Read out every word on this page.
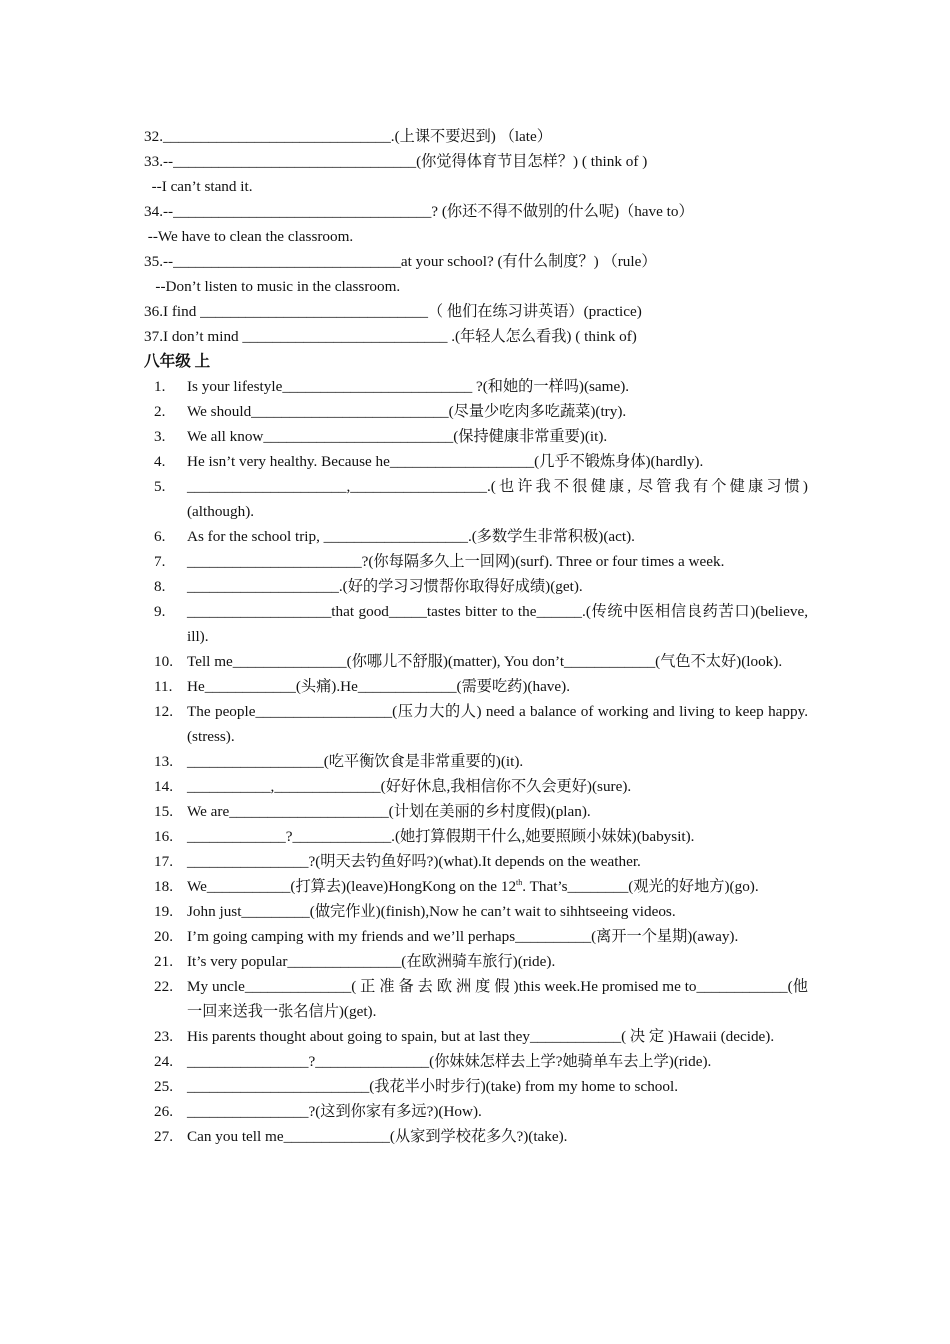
32.______________________________.(上课不要迟到) （late）
33.--________________________________(你觉得体育节目怎样？) ( think of )
--I can’t stand it.
34.--__________________________________? (你还不得不做别的什么呢)（have to）
--We have to clean the classroom.
35.--______________________________at your school? (有什么制度？) （rule）
--Don’t listen to music in the classroom.
36.I find ______________________________（ 他们在练习讲英语）(practice)
37.I don’t mind ___________________________ .(年轻人怎么看我) ( think of)
八年级 上
1.	Is your lifestyle_________________________ ?(和她的一样吗)(same).
2.	We should__________________________(尽量少吃肉多吃蔬菜)(try).
3.	We all know_________________________(保持健康非常重要)(it).
4.	He isn’t very healthy. Because he___________________(几乎不锻炼身体)(hardly).
5.	_____________________,__________________.(也许我不很健康, 尽管我有个健康习惯)(although).
6.	As for the school trip, ___________________.(多数学生非常积极)(act).
7.	_______________________?(你每隔多久上一回网)(surf). Three or four times a week.
8.	____________________.(好的学习习惯帮你取得好成绩)(get).
9.	___________________that good_____tastes bitter to the______.(传统中医相信良药苦口)(believe, ill).
10. Tell me_______________(你哪儿不舒服)(matter), You don’t____________(气色不太好)(look).
11. He____________(头痛).He_____________(需要吃药)(have).
12. The people__________________(压力大的人) need a balance of working and living to keep happy.(stress).
13. __________________(吃平衡饮食是非常重要的)(it).
14. ___________,______________(好好休息,我相信你不久会更好)(sure).
15. We are_____________________(计划在美丽的乡村度假)(plan).
16. _____________?_____________.(她打算假期干什么,她要照顾小妹妹)(babysit).
17. ________________?(明天去钓鱼好吗?)(what).It depends on the weather.
18. We___________(打算去)(leave)HongKong on the 12th. That’s________(观光的好地方)(go).
19. John just_________(做完作业)(finish),Now he can’t wait to sihhtseeing videos.
20. I’m going camping with my friends and we’ll perhaps__________(离开一个星期)(away).
21. It’s very popular_______________(在欧洲骑车旅行)(ride).
22. My uncle______________( 正 准 备 去 欧 洲 度 假 )this week.He promised me to____________(他一回来送我一张名信片)(get).
23. His parents thought about going to spain, but at last they____________( 决 定 )Hawaii (decide).
24. ________________?_______________(你妹妹怎样去上学?她骑单车去上学)(ride).
25. ________________________(我花半小时步行)(take) from my home to school.
26. ________________?(这到你家有多远?)(How).
27. Can you tell me______________(从家到学校花多久?)(take).
